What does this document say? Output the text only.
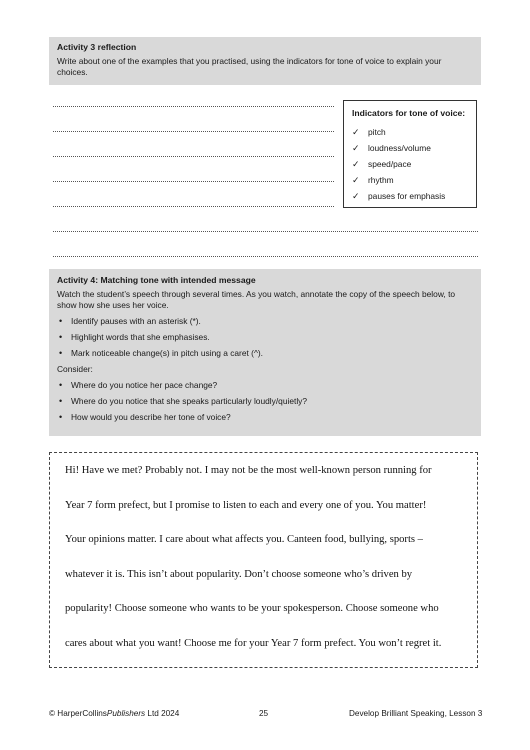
Activity 3 reflection
Write about one of the examples that you practised, using the indicators for tone of voice to explain your choices.
Indicators for tone of voice:
✓	pitch
✓	loudness/volume
✓	speed/pace
✓	rhythm
✓	pauses for emphasis
Activity 4: Matching tone with intended message
Watch the student’s speech through several times. As you watch, annotate the copy of the speech below, to show how she uses her voice.
• Identify pauses with an asterisk (*).
• Highlight words that she emphasises.
• Mark noticeable change(s) in pitch using a caret (^).
Consider:
• Where do you notice her pace change?
• Where do you notice that she speaks particularly loudly/quietly?
• How would you describe her tone of voice?
Hi! Have we met? Probably not. I may not be the most well-known person running for
Year 7 form prefect, but I promise to listen to each and every one of you. You matter!
Your opinions matter. I care about what affects you. Canteen food, bullying, sports –
whatever it is. This isn’t about popularity. Don’t choose someone who’s driven by
popularity! Choose someone who wants to be your spokesperson. Choose someone who
cares about what you want! Choose me for your Year 7 form prefect. You won’t regret it.
© HarperCollinsPublishers Ltd 2024	25	Develop Brilliant Speaking, Lesson 3
